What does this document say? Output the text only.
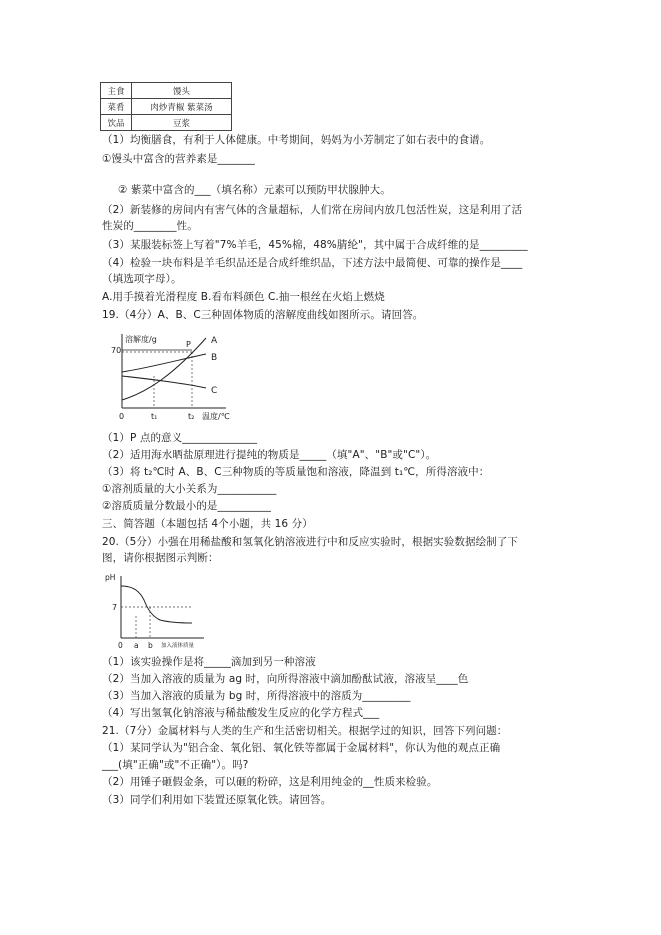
主食	馒头
菜肴	肉炒青椒 紫菜汤
饮品	豆浆
（1）均衡膳食，有利于人体健康。中考期间，妈妈为小芳制定了如右表中的食谱。
①馒头中富含的营养素是_______
② 紫菜中富含的___（填名称）元素可以预防甲状腺肿大。
（2）新装修的房间内有害气体的含量超标，人们常在房间内放几包活性炭，这是利用了活
性炭的________性。
（3）某服装标签上写着"7%羊毛，45%棉，48%腈纶"，其中属于合成纤维的是_________
（4）检验一块布料是羊毛织品还是合成纤维织品，下述方法中最简便、可靠的操作是____
（填选项字母）。
A.用手摸着光滑程度 B.看布料颜色 C.抽一根丝在火焰上燃烧
19.（4分）A、B、C三种固体物质的溶解度曲线如图所示。请回答。
溶解度/g
70
P A
B
C
0	t₁	t₂ 温度/℃
（1）P 点的意义______________
（2）适用海水晒盐原理进行提纯的物质是_____（填"A"、"B"或"C"）。
（3）将 t₂℃时 A、B、C三种物质的等质量饱和溶液，降温到 t₁℃，所得溶液中：
①溶剂质量的大小关系为___________
②溶质质量分数最小的是__________
三、简答题（本题包括 4个小题，共 16 分）
20.（5分）小强在用稀盐酸和氢氧化钠溶液进行中和反应实验时，根据实验数据绘制了下
图，请你根据图示判断：
pH
7
0 a b 加入液体质量
（1）该实验操作是将_____滴加到另一种溶液
（2）当加入溶液的质量为 ag 时，向所得溶液中滴加酚酞试液，溶液呈____色
（3）当加入溶液的质量为 bg 时，所得溶液中的溶质为_________
（4）写出氢氧化钠溶液与稀盐酸发生反应的化学方程式___
21.（7分）金属材料与人类的生产和生活密切相关。根据学过的知识，回答下列问题：
（1）某同学认为"铝合金、氧化铝、氧化铁等都属于金属材料"，你认为他的观点正确
___(填"正确"或"不正确"）。吗?
（2）用锤子砸假金条，可以砸的粉碎，这是利用纯金的__性质来检验。
（3）同学们利用如下装置还原氧化铁。请回答。
